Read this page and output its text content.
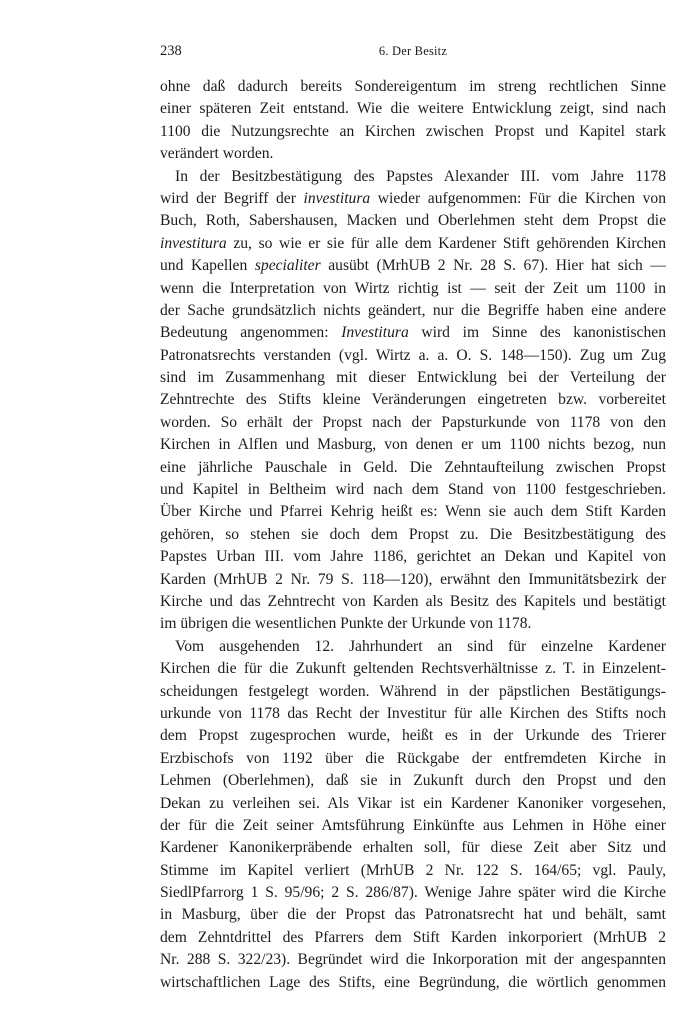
238	6. Der Besitz
ohne daß dadurch bereits Sondereigentum im streng rechtlichen Sinne
einer späteren Zeit entstand. Wie die weitere Entwicklung zeigt, sind nach
1100 die Nutzungsrechte an Kirchen zwischen Propst und Kapitel stark
verändert worden.
In der Besitzbestätigung des Papstes Alexander III. vom Jahre 1178
wird der Begriff der investitura wieder aufgenommen: Für die Kirchen von
Buch, Roth, Sabershausen, Macken und Oberlehmen steht dem Propst die
investitura zu, so wie er sie für alle dem Kardener Stift gehörenden Kirchen
und Kapellen specialiter ausübt (MrhUB 2 Nr. 28 S. 67). Hier hat sich —
wenn die Interpretation von Wirtz richtig ist — seit der Zeit um 1100 in
der Sache grundsätzlich nichts geändert, nur die Begriffe haben eine andere
Bedeutung angenommen: Investitura wird im Sinne des kanonistischen
Patronatsrechts verstanden (vgl. Wirtz a. a. O. S. 148—150). Zug um Zug
sind im Zusammenhang mit dieser Entwicklung bei der Verteilung der
Zehntrechte des Stifts kleine Veränderungen eingetreten bzw. vorbereitet
worden. So erhält der Propst nach der Papsturkunde von 1178 von den
Kirchen in Alflen und Masburg, von denen er um 1100 nichts bezog, nun
eine jährliche Pauschale in Geld. Die Zehntaufteilung zwischen Propst
und Kapitel in Beltheim wird nach dem Stand von 1100 festgeschrieben.
Über Kirche und Pfarrei Kehrig heißt es: Wenn sie auch dem Stift Karden
gehören, so stehen sie doch dem Propst zu. Die Besitzbestätigung des
Papstes Urban III. vom Jahre 1186, gerichtet an Dekan und Kapitel von
Karden (MrhUB 2 Nr. 79 S. 118—120), erwähnt den Immunitätsbezirk der
Kirche und das Zehntrecht von Karden als Besitz des Kapitels und bestätigt
im übrigen die wesentlichen Punkte der Urkunde von 1178.
Vom ausgehenden 12. Jahrhundert an sind für einzelne Kardener
Kirchen die für die Zukunft geltenden Rechtsverhältnisse z. T. in Einzelent-
scheidungen festgelegt worden. Während in der päpstlichen Bestätigungs-
urkunde von 1178 das Recht der Investitur für alle Kirchen des Stifts noch
dem Propst zugesprochen wurde, heißt es in der Urkunde des Trierer
Erzbischofs von 1192 über die Rückgabe der entfremdeten Kirche in
Lehmen (Oberlehmen), daß sie in Zukunft durch den Propst und den
Dekan zu verleihen sei. Als Vikar ist ein Kardener Kanoniker vorgesehen,
der für die Zeit seiner Amtsführung Einkünfte aus Lehmen in Höhe einer
Kardener Kanonikerpräbende erhalten soll, für diese Zeit aber Sitz und
Stimme im Kapitel verliert (MrhUB 2 Nr. 122 S. 164/65; vgl. Pauly,
SiedlPfarrorg 1 S. 95/96; 2 S. 286/87). Wenige Jahre später wird die Kirche
in Masburg, über die der Propst das Patronatsrecht hat und behält, samt
dem Zehntdrittel des Pfarrers dem Stift Karden inkorporiert (MrhUB 2
Nr. 288 S. 322/23). Begründet wird die Inkorporation mit der angespannten
wirtschaftlichen Lage des Stifts, eine Begründung, die wörtlich genommen
